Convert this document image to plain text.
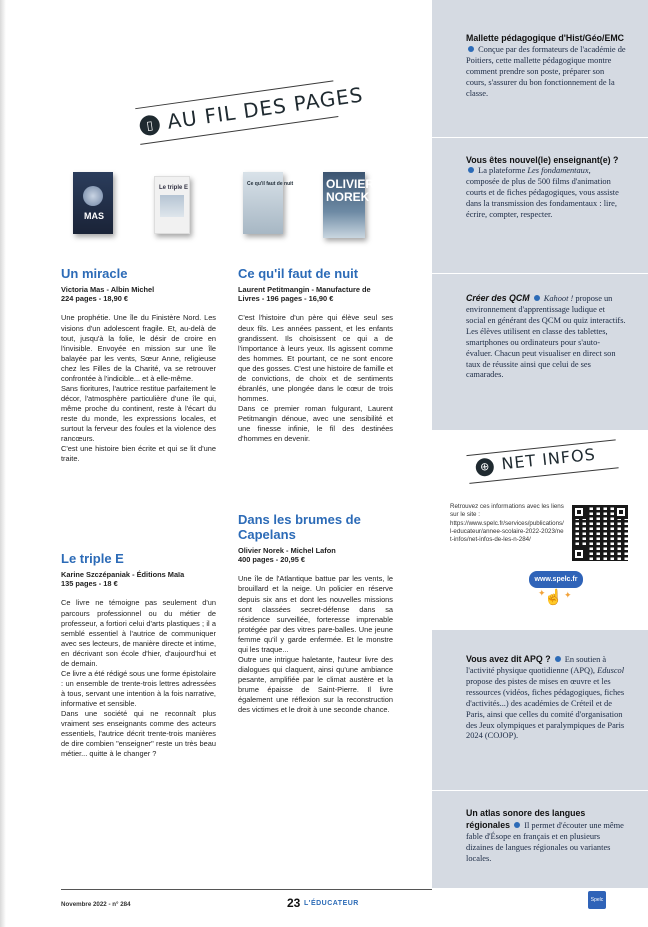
▯ AU FIL DES PAGES
MAS
Le triple E
Ce qu'il faut de nuit	OLIVIER NOREK
Un miracle
Victoria Mas - Albin Michel
224 pages - 18,90 €

Une prophétie. Une île du Finistère Nord. Les visions d'un adolescent fragile. Et, au-delà de tout, jusqu'à la folie, le désir de croire en l'invisible. Envoyée en mission sur une île balayée par les vents, Sœur Anne, religieuse chez les Filles de la Charité, va se retrouver confrontée à l'indicible... et à elle-même.

Sans fioritures, l'autrice restitue parfaitement le décor, l'atmosphère particulière d'une île qui, même proche du continent, reste à l'écart du reste du monde, les expressions locales, et surtout la ferveur des foules et la violence des rancœurs.

C'est une histoire bien écrite et qui se lit d'une traite.

Le triple E
Karine Szczépaniak - Éditions Maïa
135 pages - 18 €

Ce livre ne témoigne pas seulement d'un parcours professionnel ou du métier de professeur, a fortiori celui d'arts plastiques ; il a semblé essentiel à l'autrice de communiquer avec ses lecteurs, de manière directe et intime, en décrivant son école d'hier, d'aujourd'hui et de demain.

Ce livre a été rédigé sous une forme épistolaire : un ensemble de trente-trois lettres adressées à tous, servant une intention à la fois narrative, informative et sensible.

Dans une société qui ne reconnaît plus vraiment ses enseignants comme des acteurs essentiels, l'autrice décrit trente-trois manières de dire combien "enseigner" reste un très beau métier... quitte à le changer ?

Ce qu'il faut de nuit
Laurent Petitmangin - Manufacture de Livres - 196 pages - 16,90 €

C'est l'histoire d'un père qui élève seul ses deux fils. Les années passent, et les enfants grandissent. Ils choisissent ce qui a de l'importance à leurs yeux. Ils agissent comme des hommes. Et pourtant, ce ne sont encore que des gosses. C'est une histoire de famille et de convictions, de choix et de sentiments ébranlés, une plongée dans le cœur de trois hommes.

Dans ce premier roman fulgurant, Laurent Petitmangin dénoue, avec une sensibilité et une finesse infinie, le fil des destinées d'hommes en devenir.

Dans les brumes de Capelans
Olivier Norek - Michel Lafon
400 pages - 20,95 €

Une île de l'Atlantique battue par les vents, le brouillard et la neige. Un policier en réserve depuis six ans et dont les nouvelles missions sont classées secret-défense dans sa résidence surveillée, forteresse imprenable protégée par des vitres pare-balles. Une jeune femme qu'il y garde enfermée. Et le monstre qui les traque...

Outre une intrigue haletante, l'auteur livre des dialogues qui claquent, ainsi qu'une ambiance pesante, amplifiée par le climat austère et la brume épaisse de Saint-Pierre. Il livre également une réflexion sur la reconstruction des victimes et le droit à une seconde chance.

Mallette pédagogique d'Hist/Géo/EMC  Conçue par des formateurs de l'académie de Poitiers, cette mallette pédagogique montre comment prendre son poste, préparer son cours, s'assurer du bon fonctionnement de la classe.
Vous êtes nouvel(le) enseignant(e) ?
La plateforme Les fondamentaux, composée de plus de 500 films d'animation courts et de fiches pédagogiques, vous assiste dans la transmission des fondamentaux : lire, écrire, compter, respecter.
Créer des QCM Kahoot ! propose un environnement d'apprentissage ludique et social en générant des QCM ou quiz interactifs. Les élèves utilisent en classe des tablettes, smartphones ou ordinateurs pour s'auto-évaluer. Chacun peut visualiser en direct son taux de réussite ainsi que celui de ses camarades.
Vous avez dit APQ ? En soutien à l'activité physique quotidienne (APQ), Eduscol propose des pistes de mises en œuvre et les ressources (vidéos, fiches pédagogiques, fiches d'activités...) des académies de Créteil et de Paris, ainsi que celles du comité d'organisation des Jeux olympiques et paralympiques de Paris 2024 (COJOP).
Un atlas sonore des langues régionales Il permet d'écouter une même fable d'Ésope en français et en plusieurs dizaines de langues régionales ou variantes locales.
⊕ NET INFOS
Retrouvez ces informations avec les liens sur le site :
https://www.spelc.fr/services/publications/l-educateur/annee-scolaire-2022-2023/net-infos/net-infos-de-les-n-284/
www.spelc.fr
✦ ✦
☝
Novembre 2022 - n° 284	23 L'ÉDUCATEUR	Spelc
